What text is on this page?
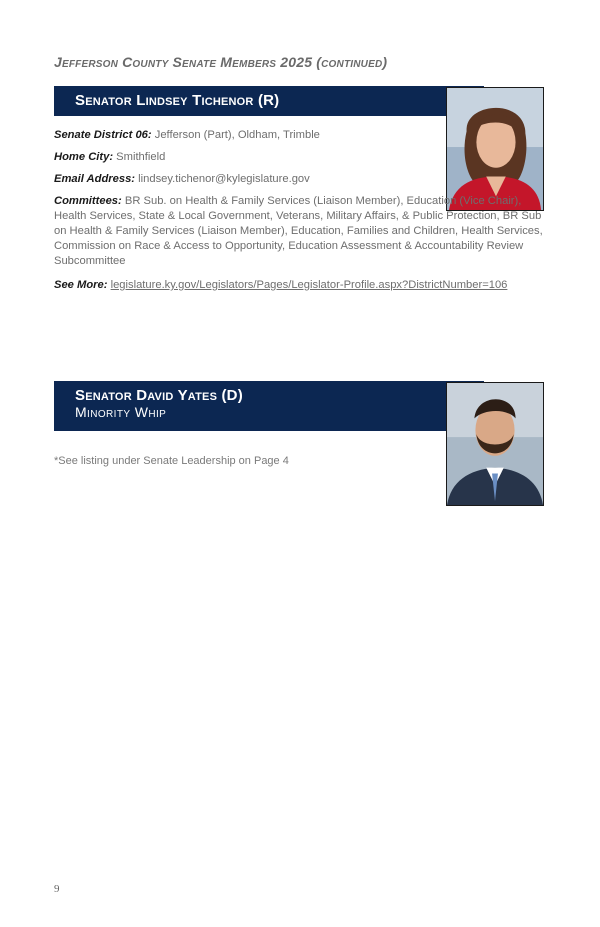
Jefferson County Senate Members 2025 (continued)
Senator Lindsey Tichenor (R)
Senate District 06: Jefferson (Part), Oldham, Trimble
Home City: Smithfield
Email Address: lindsey.tichenor@kylegislature.gov
Committees: BR Sub. on Health & Family Services (Liaison Member), Education (Vice Chair), Health Services, State & Local Government, Veterans, Military Affairs, & Public Protection, BR Sub on Health & Family Services (Liaison Member), Education, Families and Children, Health Services, Commission on Race & Access to Opportunity, Education Assessment & Accountability Review Subcommittee
See More: legislature.ky.gov/Legislators/Pages/Legislator-Profile.aspx?DistrictNumber=106
Senator David Yates (D)
Minority Whip
*See listing under Senate Leadership on Page 4
9
